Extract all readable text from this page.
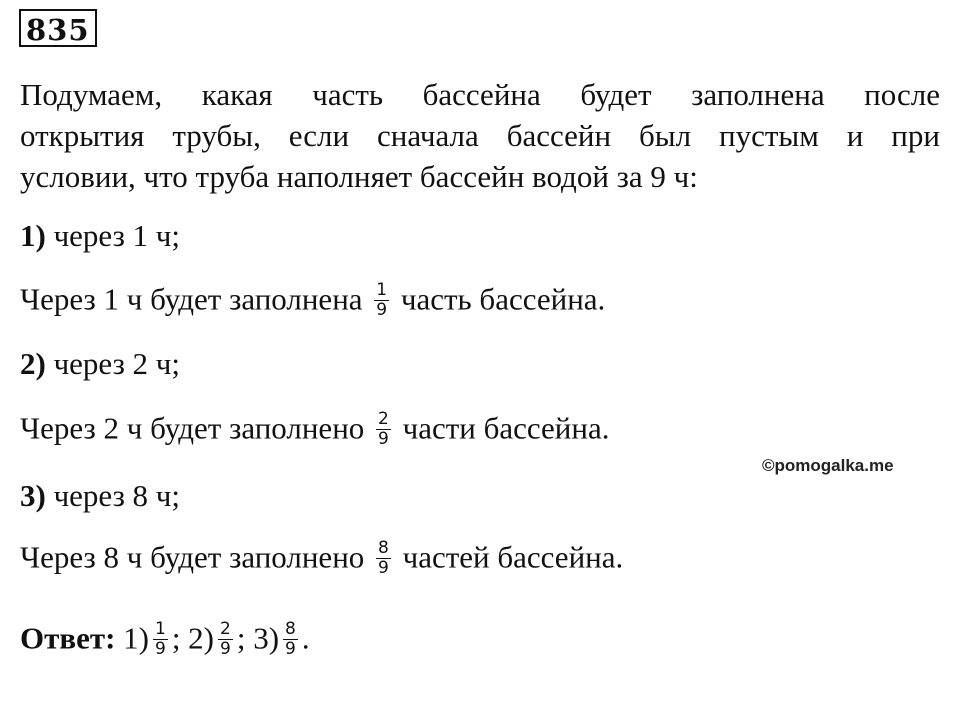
835
Подумаем, какая часть бассейна будет заполнена после
открытия трубы, если сначала бассейн был пустым и при
условии, что труба наполняет бассейн водой за 9 ч:
1) через 1 ч;
Через 1 ч будет заполнена $\frac{1}{9}$ часть бассейна.
2) через 2 ч;
Через 2 ч будет заполнено $\frac{2}{9}$ части бассейна.
©pomogalka.me
3) через 8 ч;
Через 8 ч будет заполнено $\frac{8}{9}$ частей бассейна.
Ответ: $1) \frac{1}{9}$ ; $2) \frac{2}{9}$ ; $3) \frac{8}{9}$ .
